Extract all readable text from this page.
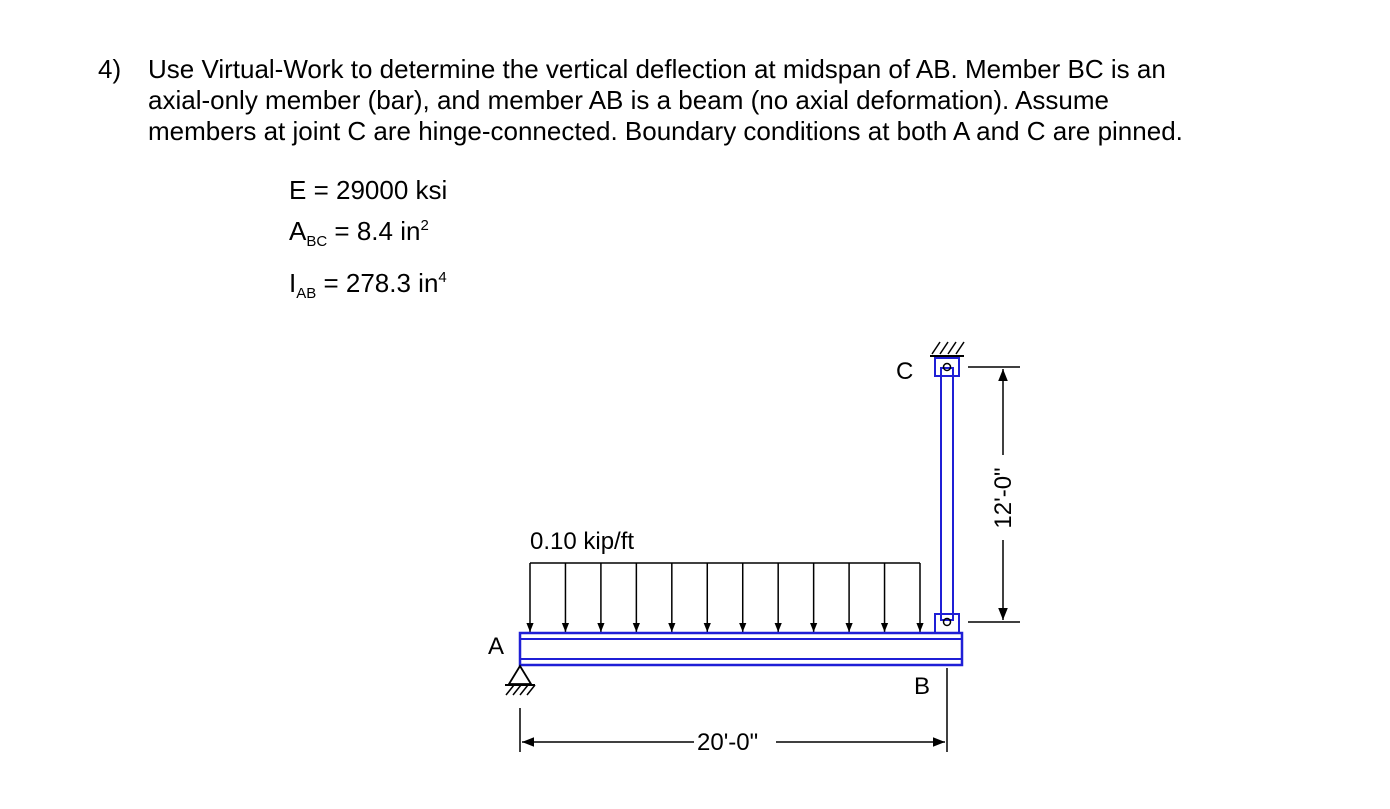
4) Use Virtual-Work to determine the vertical deflection at midspan of AB. Member BC is an
axial-only member (bar), and member AB is a beam (no axial deformation). Assume
members at joint C are hinge-connected. Boundary conditions at both A and C are pinned.
E = 29000 ksi
$A_{BC} = 8.4$ $in^2$
$I_{AB} = 278.3$ $in^4$
0.10 kip/ft
A
B
C
20'-0"
12'-0"
